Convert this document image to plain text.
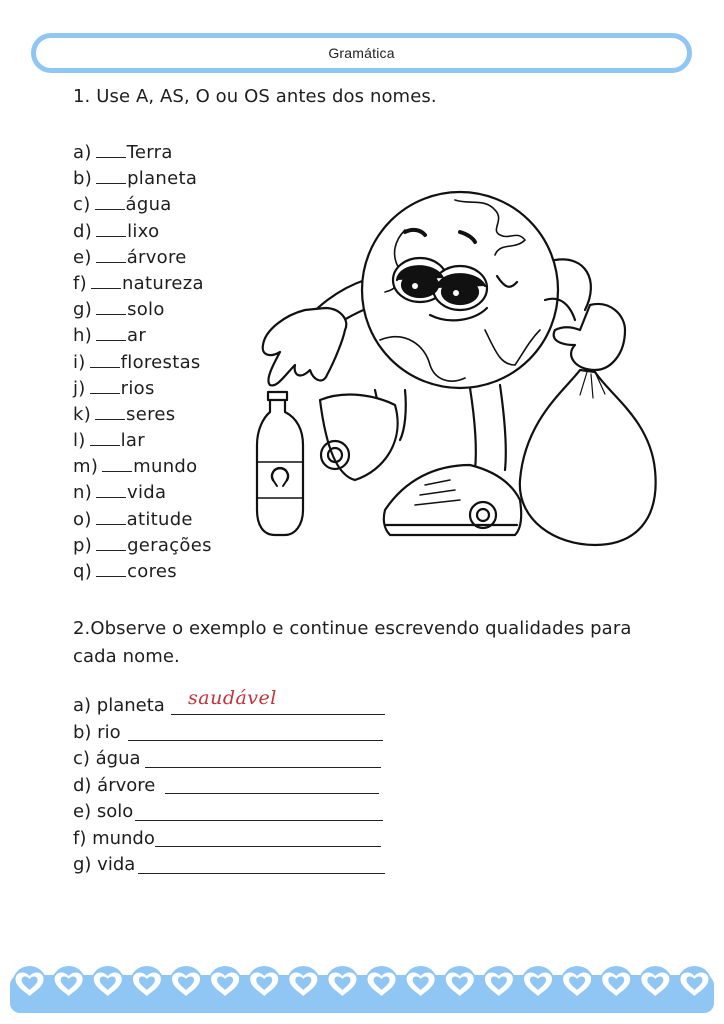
Gramática
1. Use A, AS, O ou OS antes dos nomes.
a) Terra
b) planeta
c) água
d) lixo
e) árvore
f) natureza
g) solo
h) ar
i) florestas
j) rios
k) seres
l) lar
m) mundo
n) vida
o) atitude
p) gerações
q) cores
2.Observe o exemplo e continue escrevendo qualidades para cada nome.
a) planeta saudável
b) rio
c) água
d) árvore
e) solo
f) mundo
g) vida
